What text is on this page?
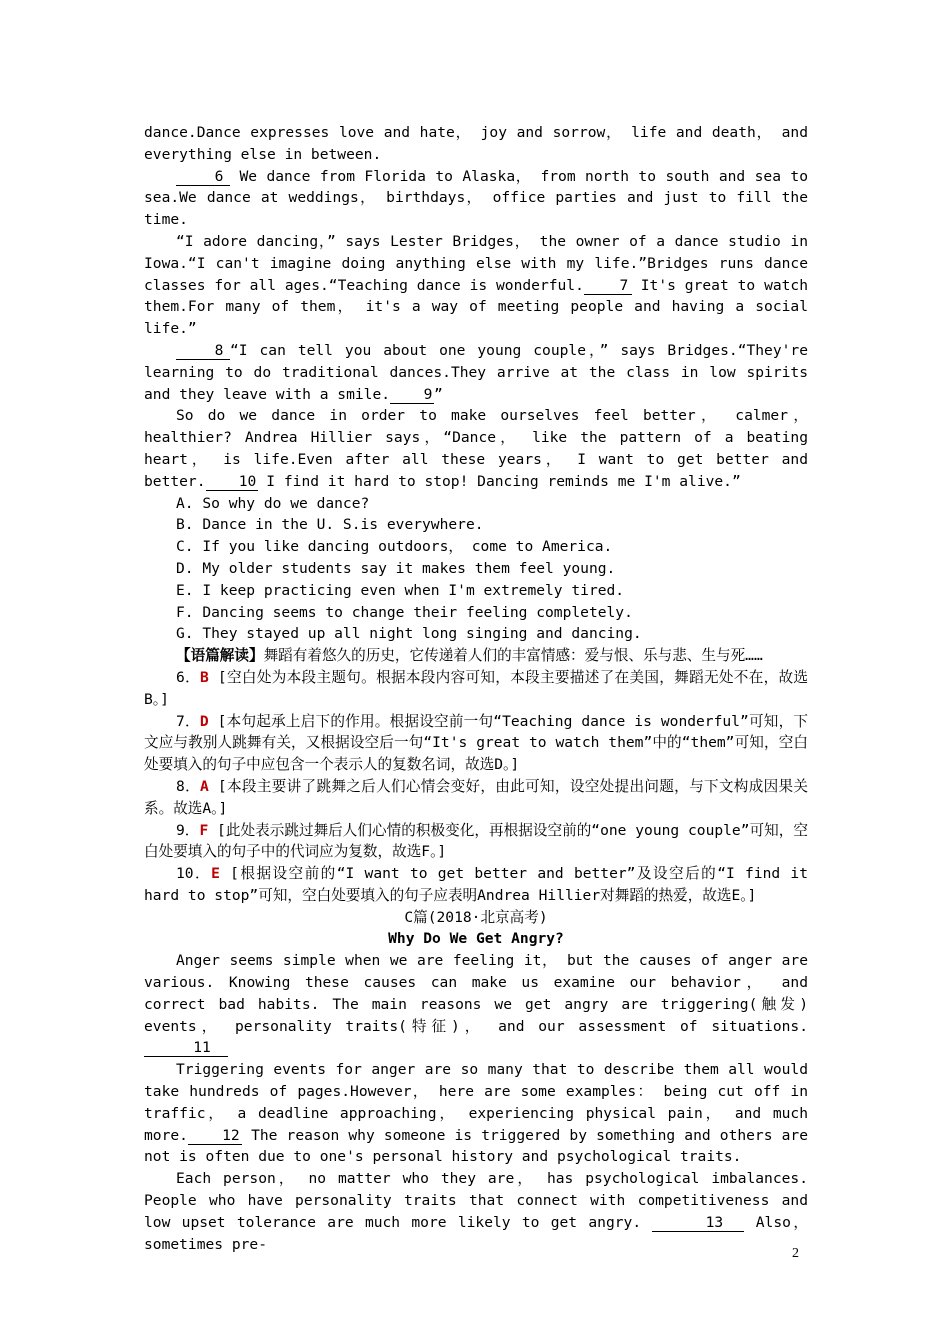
dance.Dance expresses love and hate， joy and sorrow， life and death， and everything else in between.

6 We dance from Florida to Alaska， from north to south and sea to sea.We dance at weddings， birthdays， office parties and just to fill the time.

“I adore dancing，” says Lester Bridges， the owner of a dance studio in Iowa.“I can't imagine doing anything else with my life.”Bridges runs dance classes for all ages.“Teaching dance is wonderful. 7 It's great to watch them.For many of them， it's a way of meeting people and having a social life.”

8 “I can tell you about one young couple，” says Bridges.“They're learning to do traditional dances.They arrive at the class in low spirits and they leave with a smile. 9 ”

So do we dance in order to make ourselves feel better， calmer， healthier? Andrea Hillier says，“Dance， like the pattern of a beating heart， is life.Even after all these years， I want to get better and better. 10 I find it hard to stop! Dancing reminds me I'm alive.”

A. So why do we dance?

B. Dance in the U. S.is everywhere.

C. If you like dancing outdoors， come to America.

D. My older students say it makes them feel young.

E. I keep practicing even when I'm extremely tired.

F. Dancing seems to change their feeling completely.

G. They stayed up all night long singing and dancing.

【语篇解读】舞蹈有着悠久的历史，它传递着人们的丰富情感：爱与恨、乐与悲、生与死……

6．B [空白处为本段主题句。根据本段内容可知，本段主要描述了在美国，舞蹈无处不在，故选B。]

7．D [本句起承上启下的作用。根据设空前一句“Teaching dance is wonderful”可知，下文应与教别人跳舞有关，又根据设空后一句“It's great to watch them”中的“them”可知，空白处要填入的句子中应包含一个表示人的复数名词，故选D。]

8．A [本段主要讲了跳舞之后人们心情会变好，由此可知，设空处提出问题，与下文构成因果关系。故选A。]

9．F [此处表示跳过舞后人们心情的积极变化，再根据设空前的“one young couple”可知，空白处要填入的句子中的代词应为复数，故选F。]

10．E [根据设空前的“I want to get better and better”及设空后的“I find it hard to stop”可知，空白处要填入的句子应表明Andrea Hillier对舞蹈的热爱，故选E。]

C篇(2018·北京高考)

Why Do We Get Angry?

Anger seems simple when we are feeling it， but the causes of anger are various. Knowing these causes can make us examine our behavior， and correct bad habits. The main reasons we get angry are triggering(触发) events， personality traits(特征)， and our assessment of situations. 11

Triggering events for anger are so many that to describe them all would take hundreds of pages.However， here are some examples： being cut off in traffic， a deadline approaching， experiencing physical pain， and much more. 12 The reason why someone is triggered by something and others are not is often due to one's personal history and psychological traits.

Each person， no matter who they are， has psychological imbalances. People who have personality traits that connect with competitiveness and low upset tolerance are much more likely to get angry.	13 Also， sometimes pre-

2
